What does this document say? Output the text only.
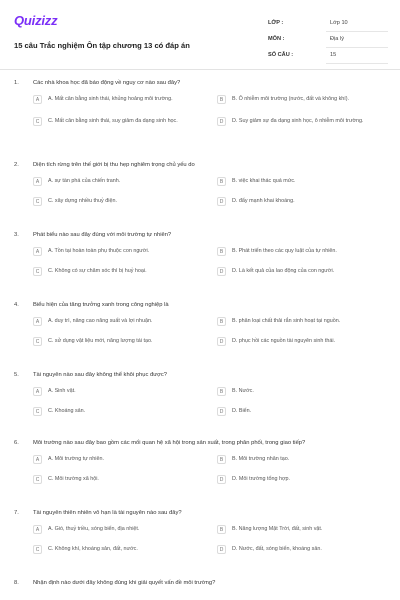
Quizizz
15 câu Trắc nghiệm Ôn tập chương 13 có đáp án
LỚP :	Lớp 10
MÔN :	Địa lý
SỐ CÂU :	15
1. Các nhà khoa học đã báo động về nguy cơ nào sau đây?
A	A. Mất cân bằng sinh thái, khủng hoảng môi trường.	B	B. Ô nhiễm môi trường (nước, đất và không khí).
C	C. Mất cân bằng sinh thái, suy giảm đa dạng sinh học.	D	D. Suy giảm sự đa dạng sinh học, ô nhiễm môi trường.
2. Diện tích rừng trên thế giới bị thu hẹp nghiêm trọng chủ yếu do
A	A. sự tàn phá của chiến tranh.	B	B. việc khai thác quá mức.
C	C. xây dựng nhiều thuỷ điện.	D	D. đẩy mạnh khai khoáng.
3. Phát biểu nào sau đây đúng với môi trường tự nhiên?
A	A. Tồn tại hoàn toàn phụ thuộc con người.	B	B. Phát triển theo các quy luật của tự nhiên.
C	C. Không có sự chăm sóc thì bị huỷ hoại.	D	D. Là kết quả của lao động của con người.
4. Biểu hiện của tăng trưởng xanh trong công nghiệp là
A	A. duy trì, nâng cao năng suất và lợi nhuận.	B	B. phân loại chất thải rắn sinh hoạt tại nguồn.
C	C. sử dụng vật liệu mới, năng lượng tái tạo.	D	D. phục hồi các nguồn tài nguyên sinh thái.
5. Tài nguyên nào sau đây không thể khôi phục được?
A	A. Sinh vật.	B	B. Nước.
C	C. Khoáng sản.	D	D. Biển.
6. Môi trường nào sau đây bao gồm các mối quan hệ xã hội trong sản xuất, trong phân phối, trong giao tiếp?
A	A. Môi trường tự nhiên.	B	B. Môi trường nhân tạo.
C	C. Môi trường xã hội.	D	D. Môi trường tổng hợp.
7. Tài nguyên thiên nhiên vô hạn là tài nguyên nào sau đây?
A	A. Gió, thuỷ triều, sóng biển, địa nhiệt.	B	B. Năng lượng Mặt Trời, đất, sinh vật.
C	C. Không khí, khoáng sản, đất, nước.	D	D. Nước, đất, sóng biển, khoáng sản.
8. Nhận định nào dưới đây không đúng khi giải quyết vấn đề môi trường?
